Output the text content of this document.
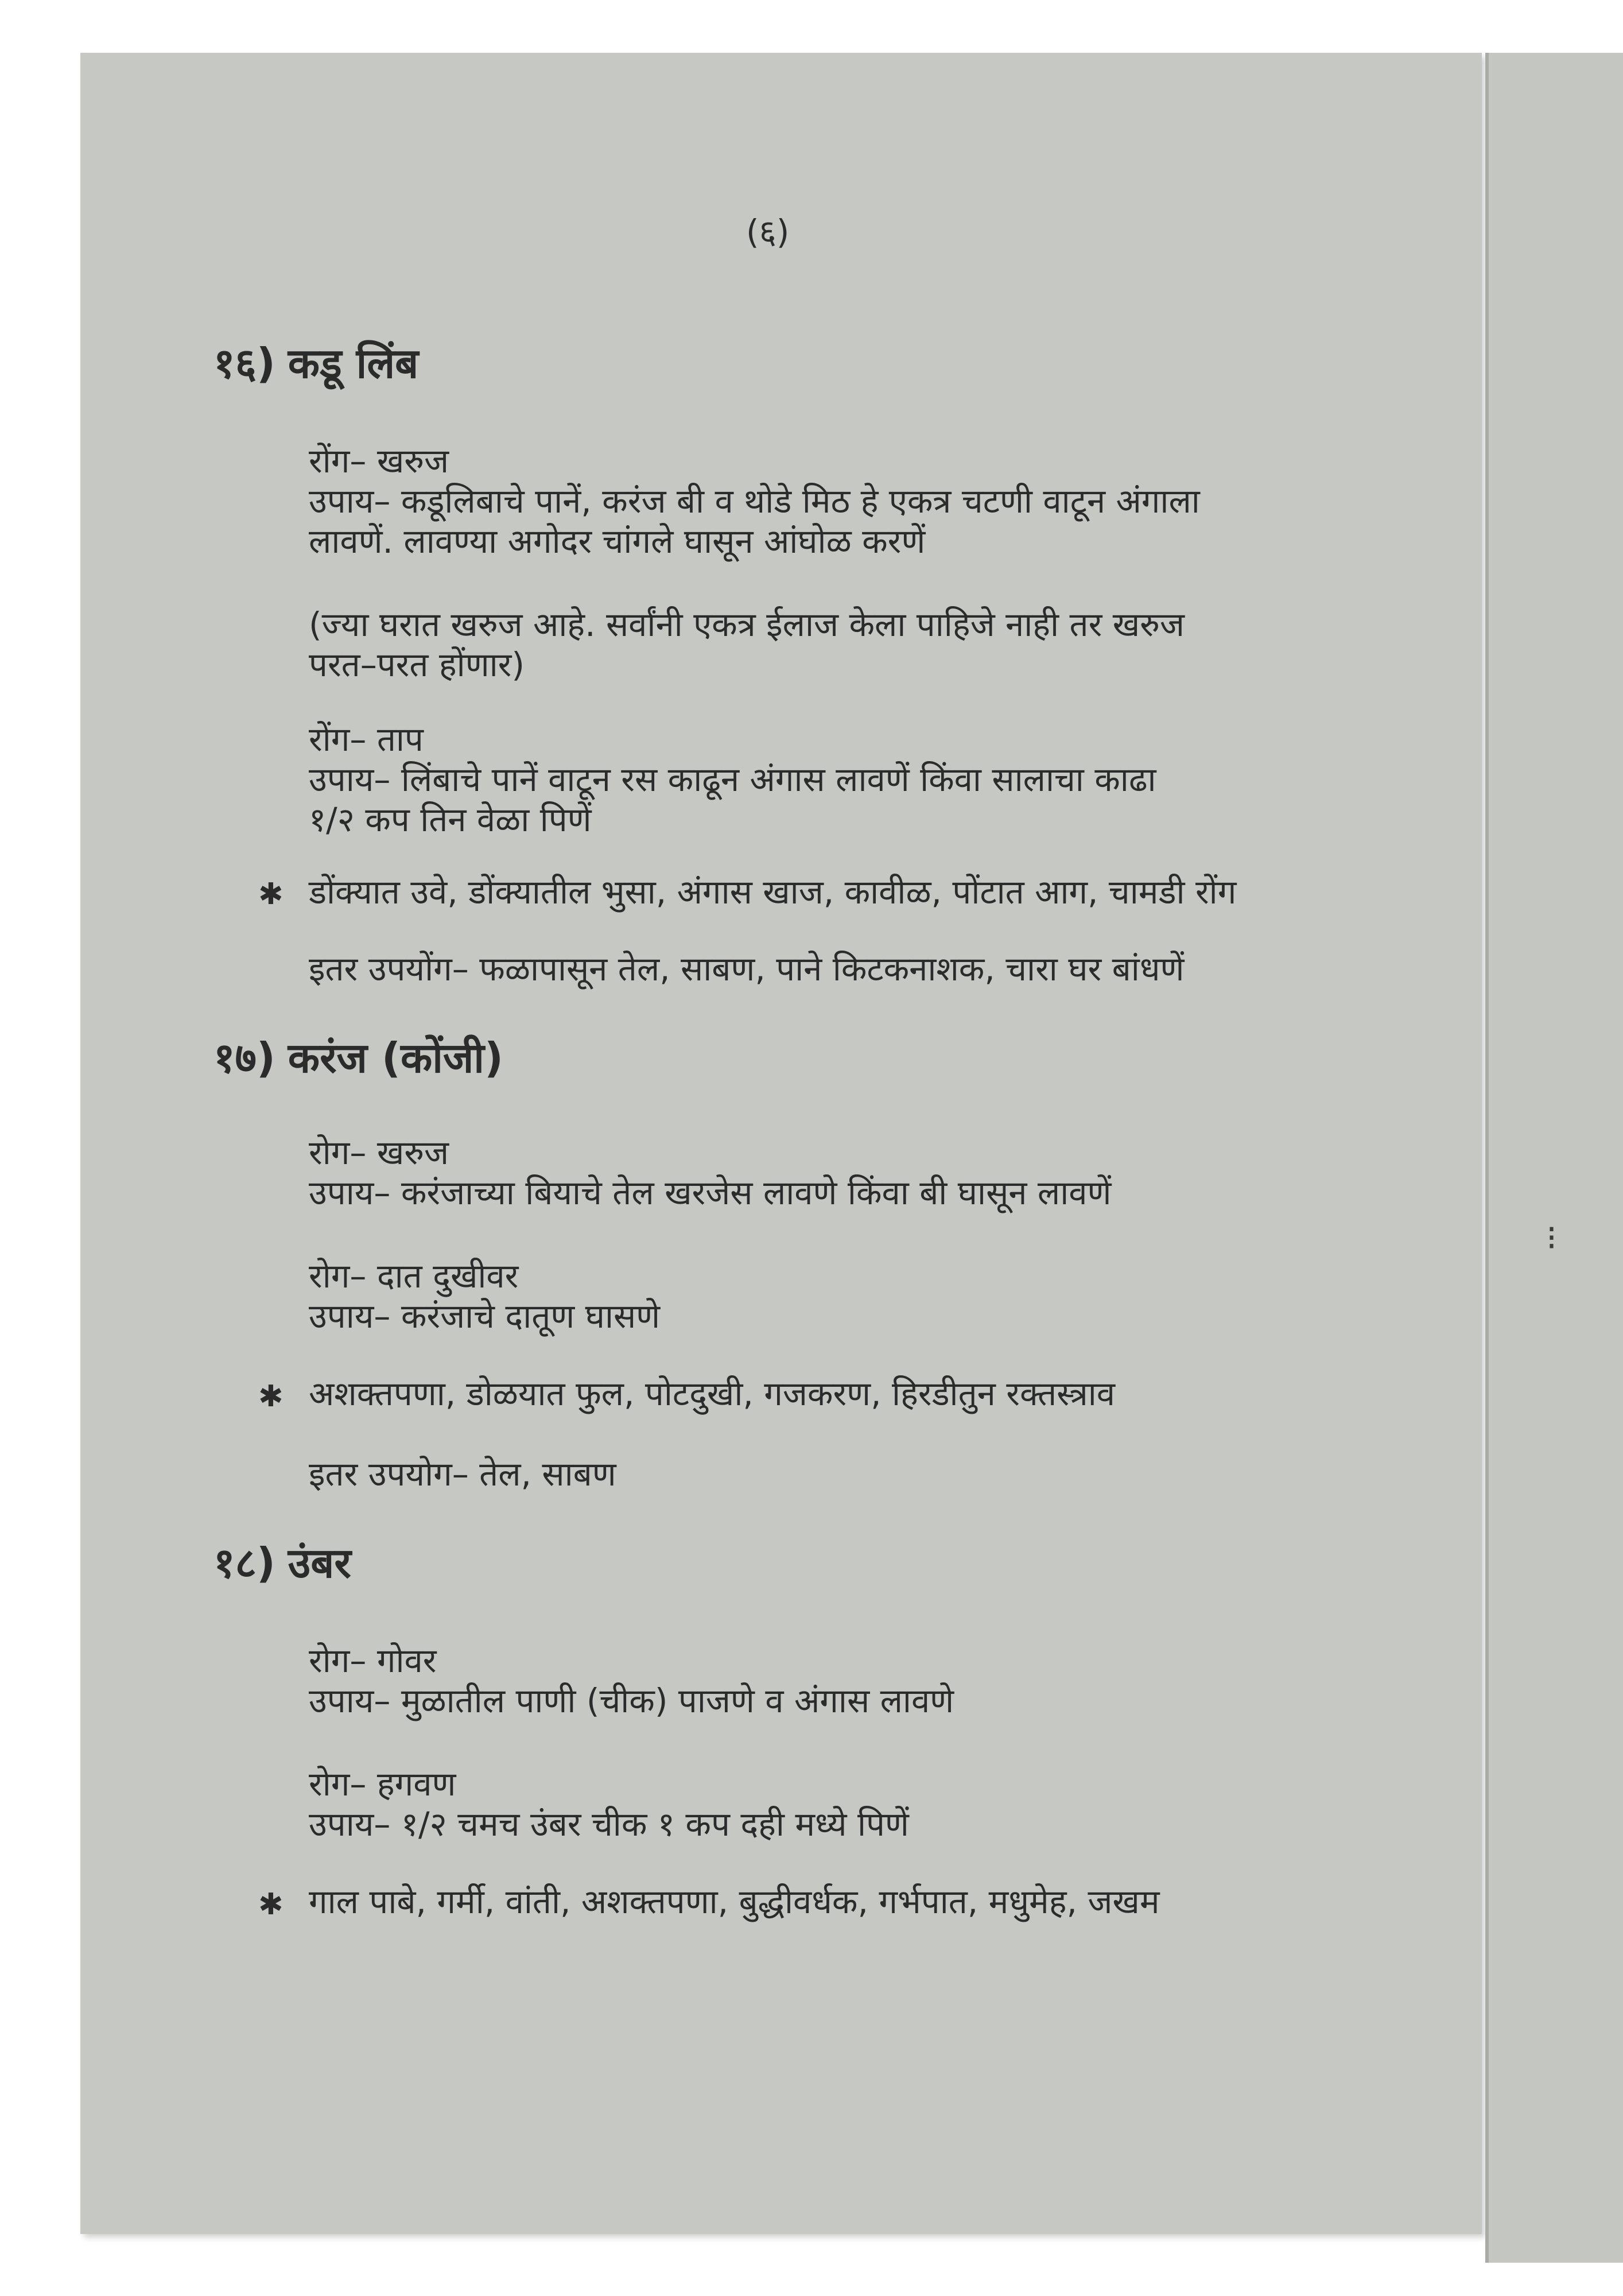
(६)
१६) कडू लिंब
रोंग– खरुज
उपाय– कडूलिबाचे पानें, करंज बी व थोडे मिठ हे एकत्र चटणी वाटून अंगाला
लावणें. लावण्या अगोदर चांगले घासून आंघोळ करणें
(ज्या घरात खरुज आहे. सर्वांनी एकत्र ईलाज केला पाहिजे नाही तर खरुज
परत–परत होंणार)
रोंग– ताप
उपाय– लिंबाचे पानें वाटून रस काढून अंगास लावणें किंवा सालाचा काढा
१/२ कप तिन वेळा पिणें
✱ डोंक्यात उवे, डोंक्यातील भुसा, अंगास खाज, कावीळ, पोंटात आग, चामडी रोंग
इतर उपयोंग– फळापासून तेल, साबण, पाने किटकनाशक, चारा घर बांधणें
१७) करंज (कोंजी)
रोग– खरुज
उपाय– करंजाच्या बियाचे तेल खरजेस लावणे किंवा बी घासून लावणें
रोग– दात दुखीवर
उपाय– करंजाचे दातूण घासणे
✱ अशक्तपणा, डोळयात फुल, पोटदुखी, गजकरण, हिरडीतुन रक्तस्त्राव
इतर उपयोग– तेल, साबण
१८) उंबर
रोग– गोवर
उपाय– मुळातील पाणी (चीक) पाजणे व अंगास लावणे
रोग– हगवण
उपाय– १/२ चमच उंबर चीक १ कप दही मध्ये पिणें
✱ गाल पाबे, गर्मी, वांती, अशक्तपणा, बुद्धीवर्धक, गर्भपात, मधुमेह, जखम
⁝
